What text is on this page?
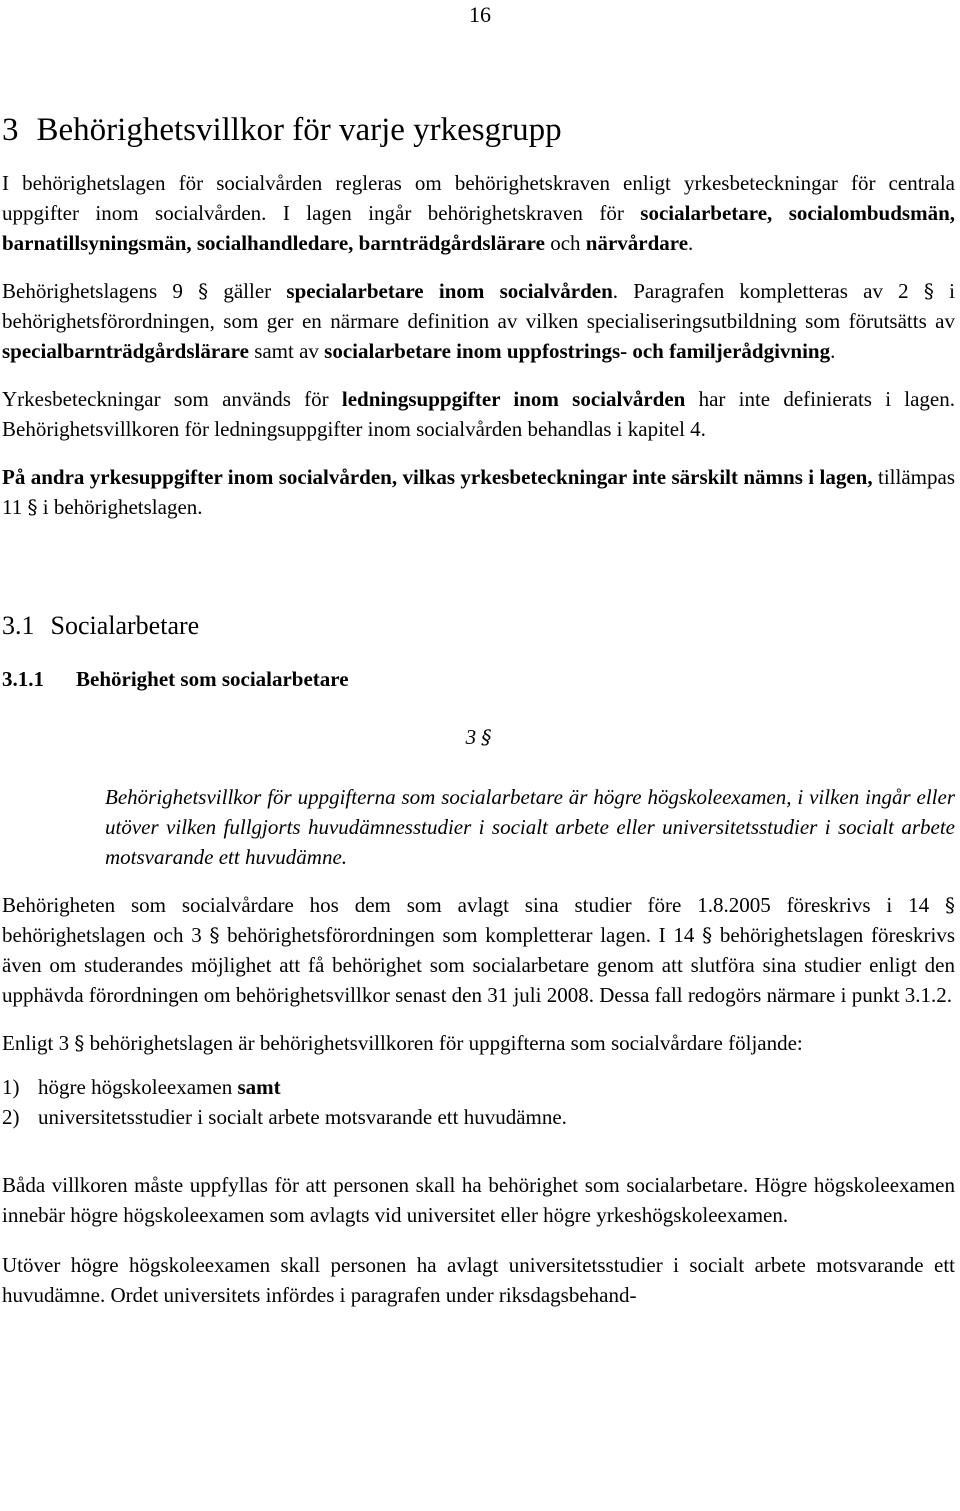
16
3 Behörighetsvillkor för varje yrkesgrupp

I behörighetslagen för socialvården regleras om behörighetskraven enligt yrkesbeteckningar för centrala uppgifter inom socialvården. I lagen ingår behörighetskraven för socialarbetare, socialombudsmän, barnatillsyningsmän, socialhandledare, barnträdgårdslärare och närvårdare.

Behörighetslagens 9 § gäller specialarbetare inom socialvården. Paragrafen kompletteras av 2 § i behörighetsförordningen, som ger en närmare definition av vilken specialiseringsutbildning som förutsätts av specialbarnträdgårdslärare samt av socialarbetare inom uppfostrings- och familjerådgivning.

Yrkesbeteckningar som används för ledningsuppgifter inom socialvården har inte definierats i lagen. Behörighetsvillkoren för ledningsuppgifter inom socialvården behandlas i kapitel 4.

På andra yrkesuppgifter inom socialvården, vilkas yrkesbeteckningar inte särskilt nämns i lagen, tillämpas 11 § i behörighetslagen.

3.1 Socialarbetare
3.1.1 Behörighet som socialarbetare
3 §

Behörighetsvillkor för uppgifterna som socialarbetare är högre högskoleexamen, i vilken ingår eller utöver vilken fullgjorts huvudämnesstudier i socialt arbete eller universitetsstudier i socialt arbete motsvarande ett huvudämne.

Behörigheten som socialvårdare hos dem som avlagt sina studier före 1.8.2005 föreskrivs i 14 § behörighetslagen och 3 § behörighetsförordningen som kompletterar lagen. I 14 § behörighetslagen föreskrivs även om studerandes möjlighet att få behörighet som socialarbetare genom att slutföra sina studier enligt den upphävda förordningen om behörighetsvillkor senast den 31 juli 2008. Dessa fall redogörs närmare i punkt 3.1.2.

Enligt 3 § behörighetslagen är behörighetsvillkoren för uppgifterna som socialvårdare följande:

1) högre högskoleexamen samt
2) universitetsstudier i socialt arbete motsvarande ett huvudämne.

Båda villkoren måste uppfyllas för att personen skall ha behörighet som socialarbetare. Högre högskoleexamen innebär högre högskoleexamen som avlagts vid universitet eller högre yrkeshögskoleexamen.

Utöver högre högskoleexamen skall personen ha avlagt universitetsstudier i socialt arbete motsvarande ett huvudämne. Ordet universitets infördes i paragrafen under riksdagsbehand-
